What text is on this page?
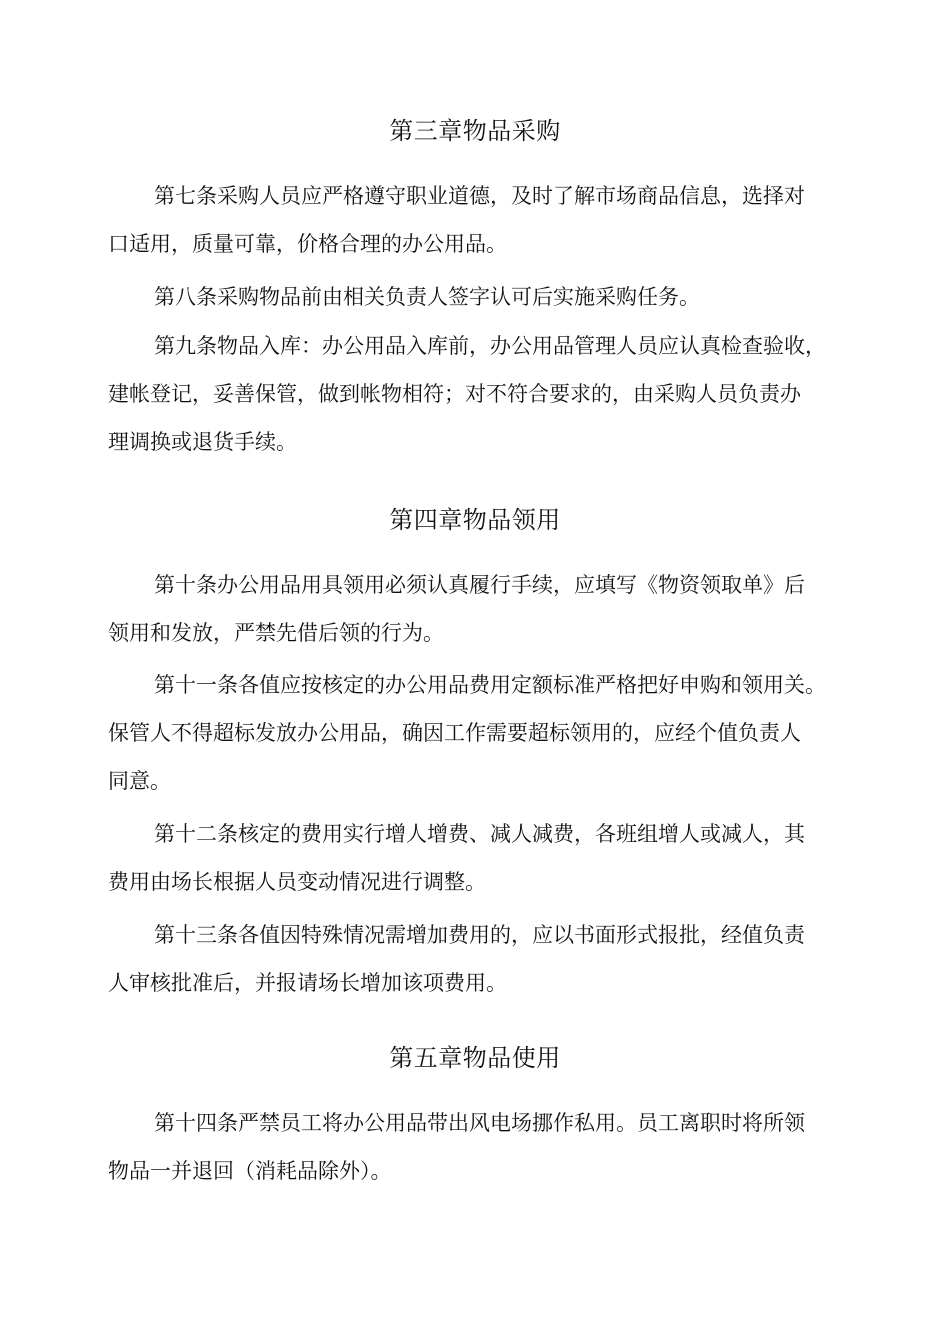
第三章物品采购

第七条采购人员应严格遵守职业道德，及时了解市场商品信息，选择对
口适用，质量可靠，价格合理的办公用品。

第八条采购物品前由相关负责人签字认可后实施采购任务。

第九条物品入库：办公用品入库前，办公用品管理人员应认真检查验收，
建帐登记，妥善保管，做到帐物相符；对不符合要求的，由采购人员负责办
理调换或退货手续。

第四章物品领用

第十条办公用品用具领用必须认真履行手续，应填写《物资领取单》后
领用和发放，严禁先借后领的行为。

第十一条各值应按核定的办公用品费用定额标准严格把好申购和领用关。
保管人不得超标发放办公用品，确因工作需要超标领用的，应经个值负责人
同意。

第十二条核定的费用实行增人增费、减人减费，各班组增人或减人，其
费用由场长根据人员变动情况进行调整。

第十三条各值因特殊情况需增加费用的，应以书面形式报批，经值负责
人审核批准后，并报请场长增加该项费用。

第五章物品使用

第十四条严禁员工将办公用品带出风电场挪作私用。员工离职时将所领
物品一并退回（消耗品除外）。
